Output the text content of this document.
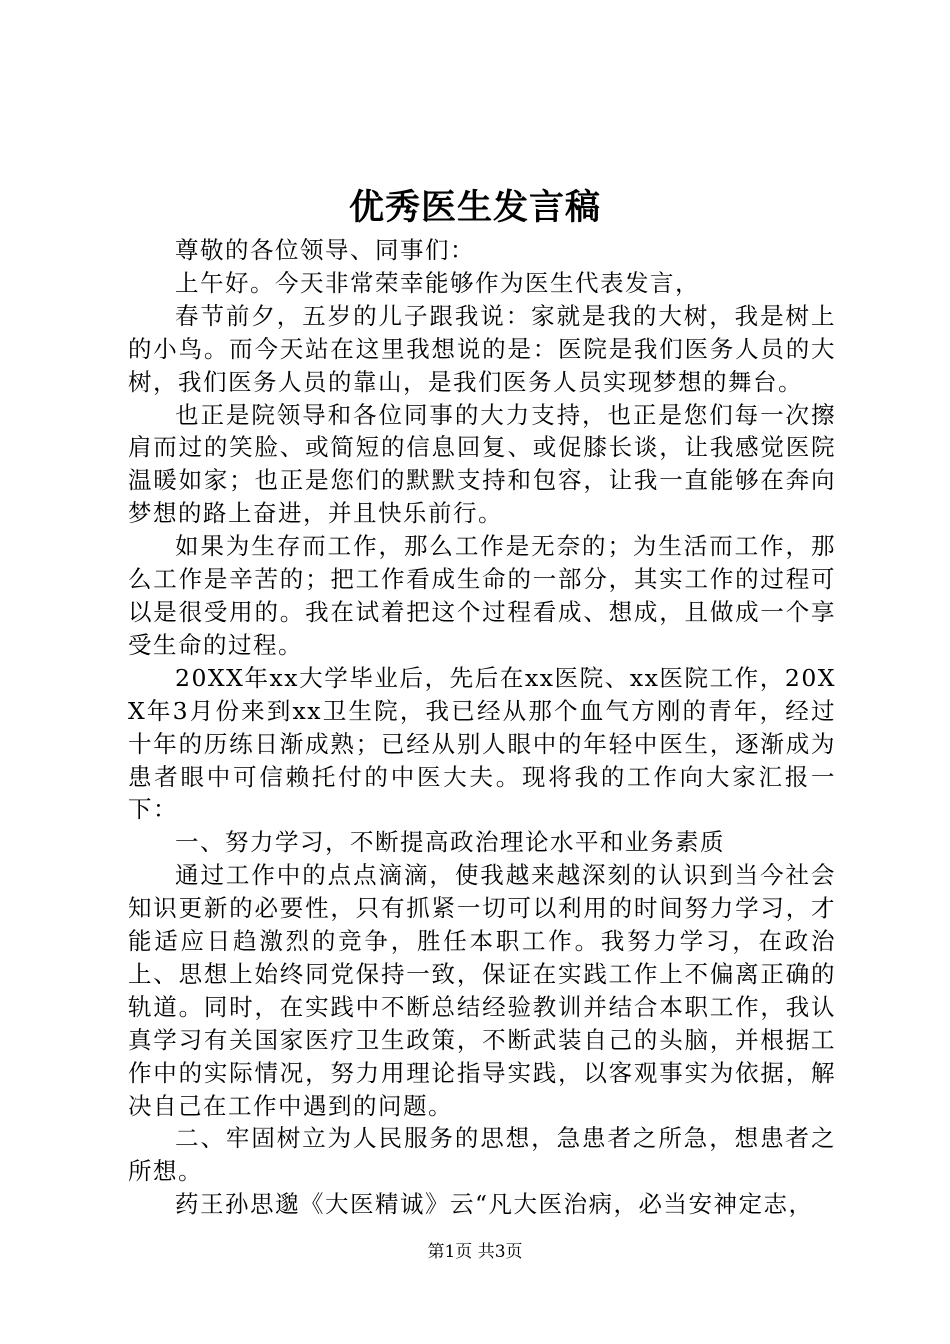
优秀医生发言稿

尊敬的各位领导、同事们：

上午好。今天非常荣幸能够作为医生代表发言，

春节前夕，五岁的儿子跟我说：家就是我的大树，我是树上的小鸟。而今天站在这里我想说的是：医院是我们医务人员的大树，我们医务人员的靠山，是我们医务人员实现梦想的舞台。

也正是院领导和各位同事的大力支持，也正是您们每一次擦肩而过的笑脸、或简短的信息回复、或促膝长谈，让我感觉医院温暖如家；也正是您们的默默支持和包容，让我一直能够在奔向梦想的路上奋进，并且快乐前行。

如果为生存而工作，那么工作是无奈的；为生活而工作，那么工作是辛苦的；把工作看成生命的一部分，其实工作的过程可以是很受用的。我在试着把这个过程看成、想成，且做成一个享受生命的过程。

20XX年xx大学毕业后，先后在xx医院、xx医院工作，20XX年3月份来到xx卫生院，我已经从那个血气方刚的青年，经过十年的历练日渐成熟；已经从别人眼中的年轻中医生，逐渐成为患者眼中可信赖托付的中医大夫。现将我的工作向大家汇报一下：

一、努力学习，不断提高政治理论水平和业务素质

通过工作中的点点滴滴，使我越来越深刻的认识到当今社会知识更新的必要性，只有抓紧一切可以利用的时间努力学习，才能适应日趋激烈的竞争，胜任本职工作。我努力学习，在政治上、思想上始终同党保持一致，保证在实践工作上不偏离正确的轨道。同时，在实践中不断总结经验教训并结合本职工作，我认真学习有关国家医疗卫生政策，不断武装自己的头脑，并根据工作中的实际情况，努力用理论指导实践，以客观事实为依据，解决自己在工作中遇到的问题。

二、牢固树立为人民服务的思想，急患者之所急，想患者之所想。

药王孙思邈《大医精诚》云“凡大医治病，必当安神定志，

第1页 共3页
